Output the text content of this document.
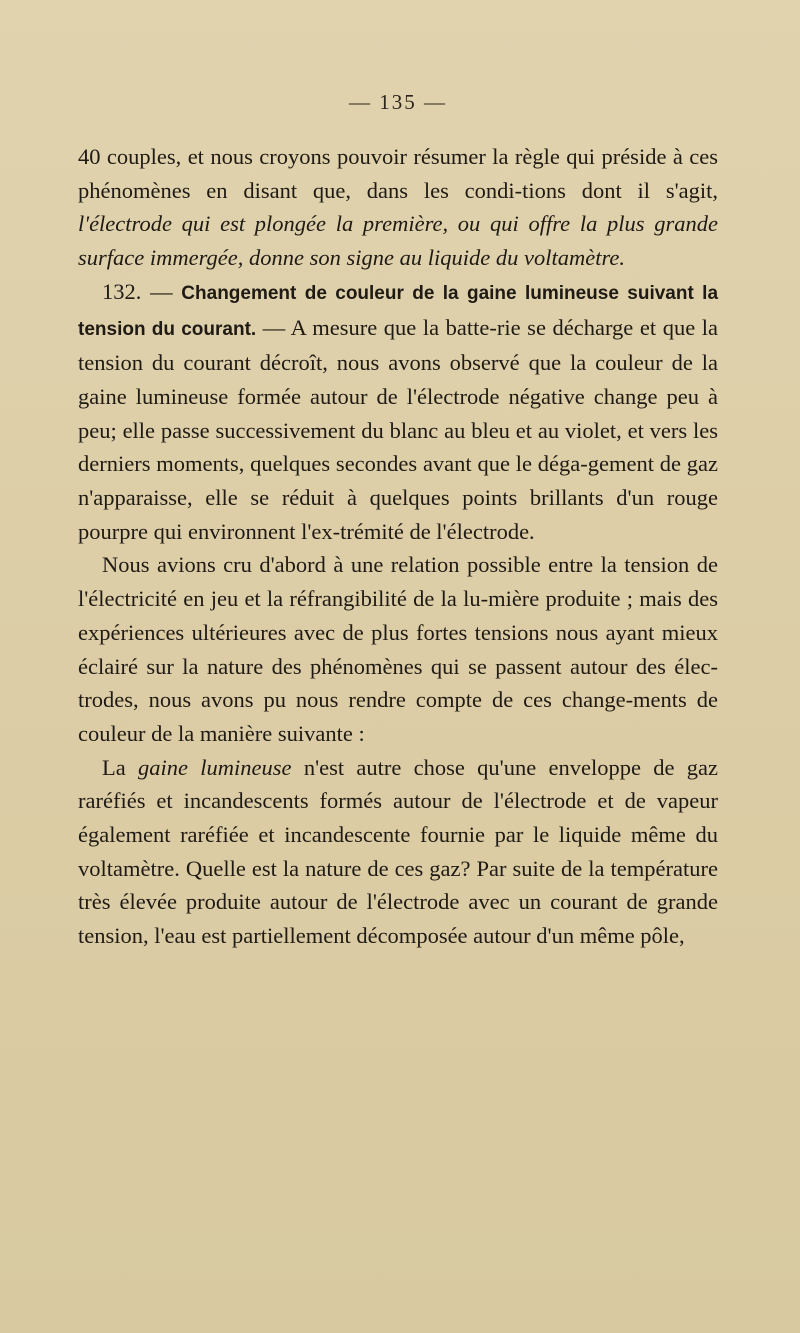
— 135 —

40 couples, et nous croyons pouvoir résumer la règle qui préside à ces phénomènes en disant que, dans les condi-tions dont il s'agit, l'électrode qui est plongée la première, ou qui offre la plus grande surface immergée, donne son signe au liquide du voltamètre.

132. — Changement de couleur de la gaine lumineuse suivant la tension du courant. — A mesure que la batte-rie se décharge et que la tension du courant décroît, nous avons observé que la couleur de la gaine lumineuse formée autour de l'électrode négative change peu à peu; elle passe successivement du blanc au bleu et au violet, et vers les derniers moments, quelques secondes avant que le déga-gement de gaz n'apparaisse, elle se réduit à quelques points brillants d'un rouge pourpre qui environnent l'ex-trémité de l'électrode.

Nous avions cru d'abord à une relation possible entre la tension de l'électricité en jeu et la réfrangibilité de la lu-mière produite ; mais des expériences ultérieures avec de plus fortes tensions nous ayant mieux éclairé sur la nature des phénomènes qui se passent autour des élec-trodes, nous avons pu nous rendre compte de ces change-ments de couleur de la manière suivante :

La gaine lumineuse n'est autre chose qu'une enveloppe de gaz raréfiés et incandescents formés autour de l'électrode et de vapeur également raréfiée et incandescente fournie par le liquide même du voltamètre. Quelle est la nature de ces gaz? Par suite de la température très élevée produite autour de l'électrode avec un courant de grande tension, l'eau est partiellement décomposée autour d'un même pôle,
